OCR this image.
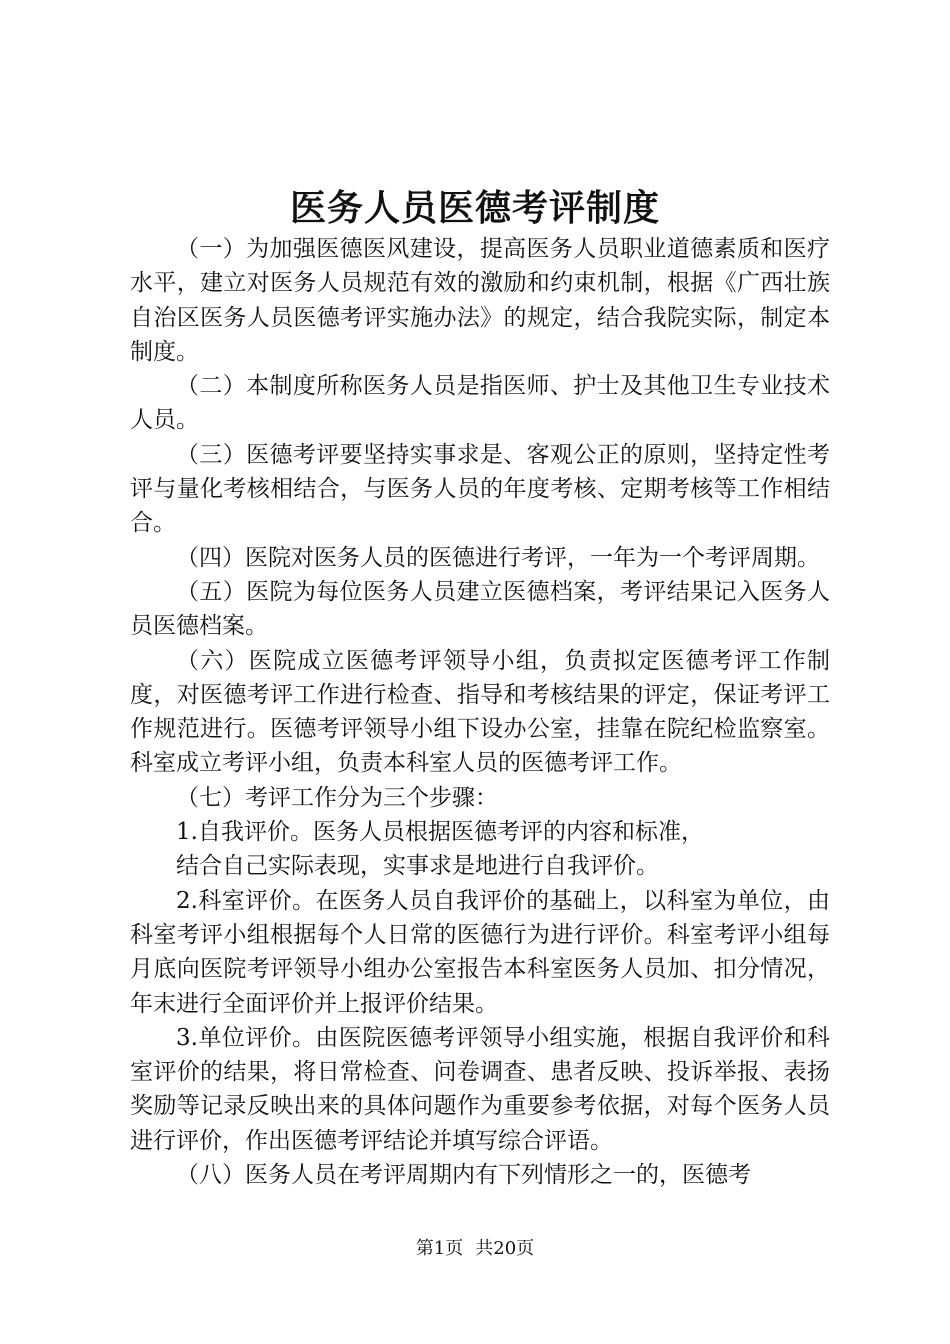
医务人员医德考评制度

（一）为加强医德医风建设，提高医务人员职业道德素质和医疗水平，建立对医务人员规范有效的激励和约束机制，根据《广西壮族自治区医务人员医德考评实施办法》的规定，结合我院实际，制定本制度。

（二）本制度所称医务人员是指医师、护士及其他卫生专业技术人员。

（三）医德考评要坚持实事求是、客观公正的原则，坚持定性考评与量化考核相结合，与医务人员的年度考核、定期考核等工作相结合。

（四）医院对医务人员的医德进行考评，一年为一个考评周期。

（五）医院为每位医务人员建立医德档案，考评结果记入医务人员医德档案。

（六）医院成立医德考评领导小组，负责拟定医德考评工作制度，对医德考评工作进行检查、指导和考核结果的评定，保证考评工作规范进行。医德考评领导小组下设办公室，挂靠在院纪检监察室。科室成立考评小组，负责本科室人员的医德考评工作。

（七）考评工作分为三个步骤：

1.自我评价。医务人员根据医德考评的内容和标准，

结合自己实际表现，实事求是地进行自我评价。

2.科室评价。在医务人员自我评价的基础上，以科室为单位，由科室考评小组根据每个人日常的医德行为进行评价。科室考评小组每月底向医院考评领导小组办公室报告本科室医务人员加、扣分情况，年末进行全面评价并上报评价结果。

3.单位评价。由医院医德考评领导小组实施，根据自我评价和科室评价的结果，将日常检查、问卷调查、患者反映、投诉举报、表扬奖励等记录反映出来的具体问题作为重要参考依据，对每个医务人员进行评价，作出医德考评结论并填写综合评语。

（八）医务人员在考评周期内有下列情形之一的，医德考

第1页 共20页
